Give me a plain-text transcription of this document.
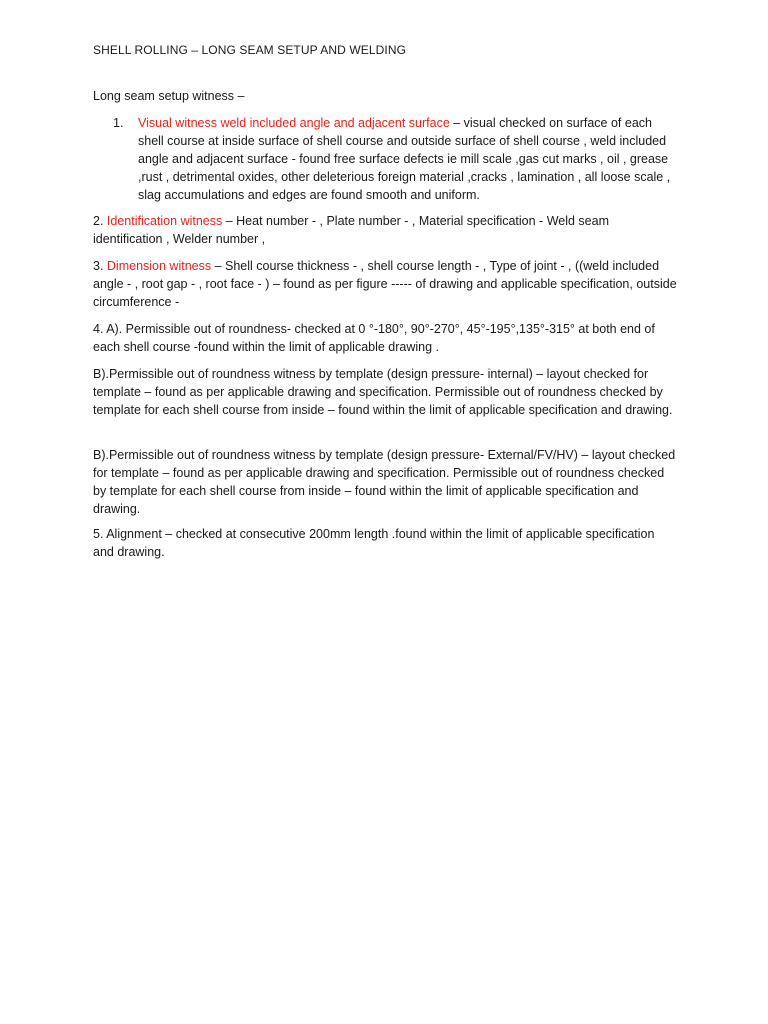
SHELL ROLLING – LONG SEAM SETUP AND WELDING
Long seam setup witness –
1. Visual witness weld included angle and adjacent surface – visual checked on surface of each shell course at inside surface of shell course and outside surface of shell course , weld included angle and adjacent surface - found free surface defects ie mill scale ,gas cut marks , oil , grease ,rust , detrimental oxides, other deleterious foreign material ,cracks , lamination , all loose scale , slag accumulations and edges are found smooth and uniform.
2. Identification witness – Heat number - , Plate number - , Material specification - Weld seam identification , Welder number ,
3. Dimension witness – Shell course thickness - , shell course length - , Type of joint - , ((weld included angle - , root gap - , root face - ) – found as per figure ----- of drawing and applicable specification, outside circumference -
4. A). Permissible out of roundness- checked at 0 °-180°, 90°-270°, 45°-195°,135°-315° at both end of each shell course -found within the limit of applicable drawing .
B).Permissible out of roundness witness by template (design pressure- internal) – layout checked for template – found as per applicable drawing and specification. Permissible out of roundness checked by template for each shell course from inside – found within the limit of applicable specification and drawing.
B).Permissible out of roundness witness by template (design pressure- External/FV/HV) – layout checked for template – found as per applicable drawing and specification. Permissible out of roundness checked by template for each shell course from inside – found within the limit of applicable specification and drawing.
5. Alignment – checked at consecutive 200mm length .found within the limit of applicable specification and drawing.
